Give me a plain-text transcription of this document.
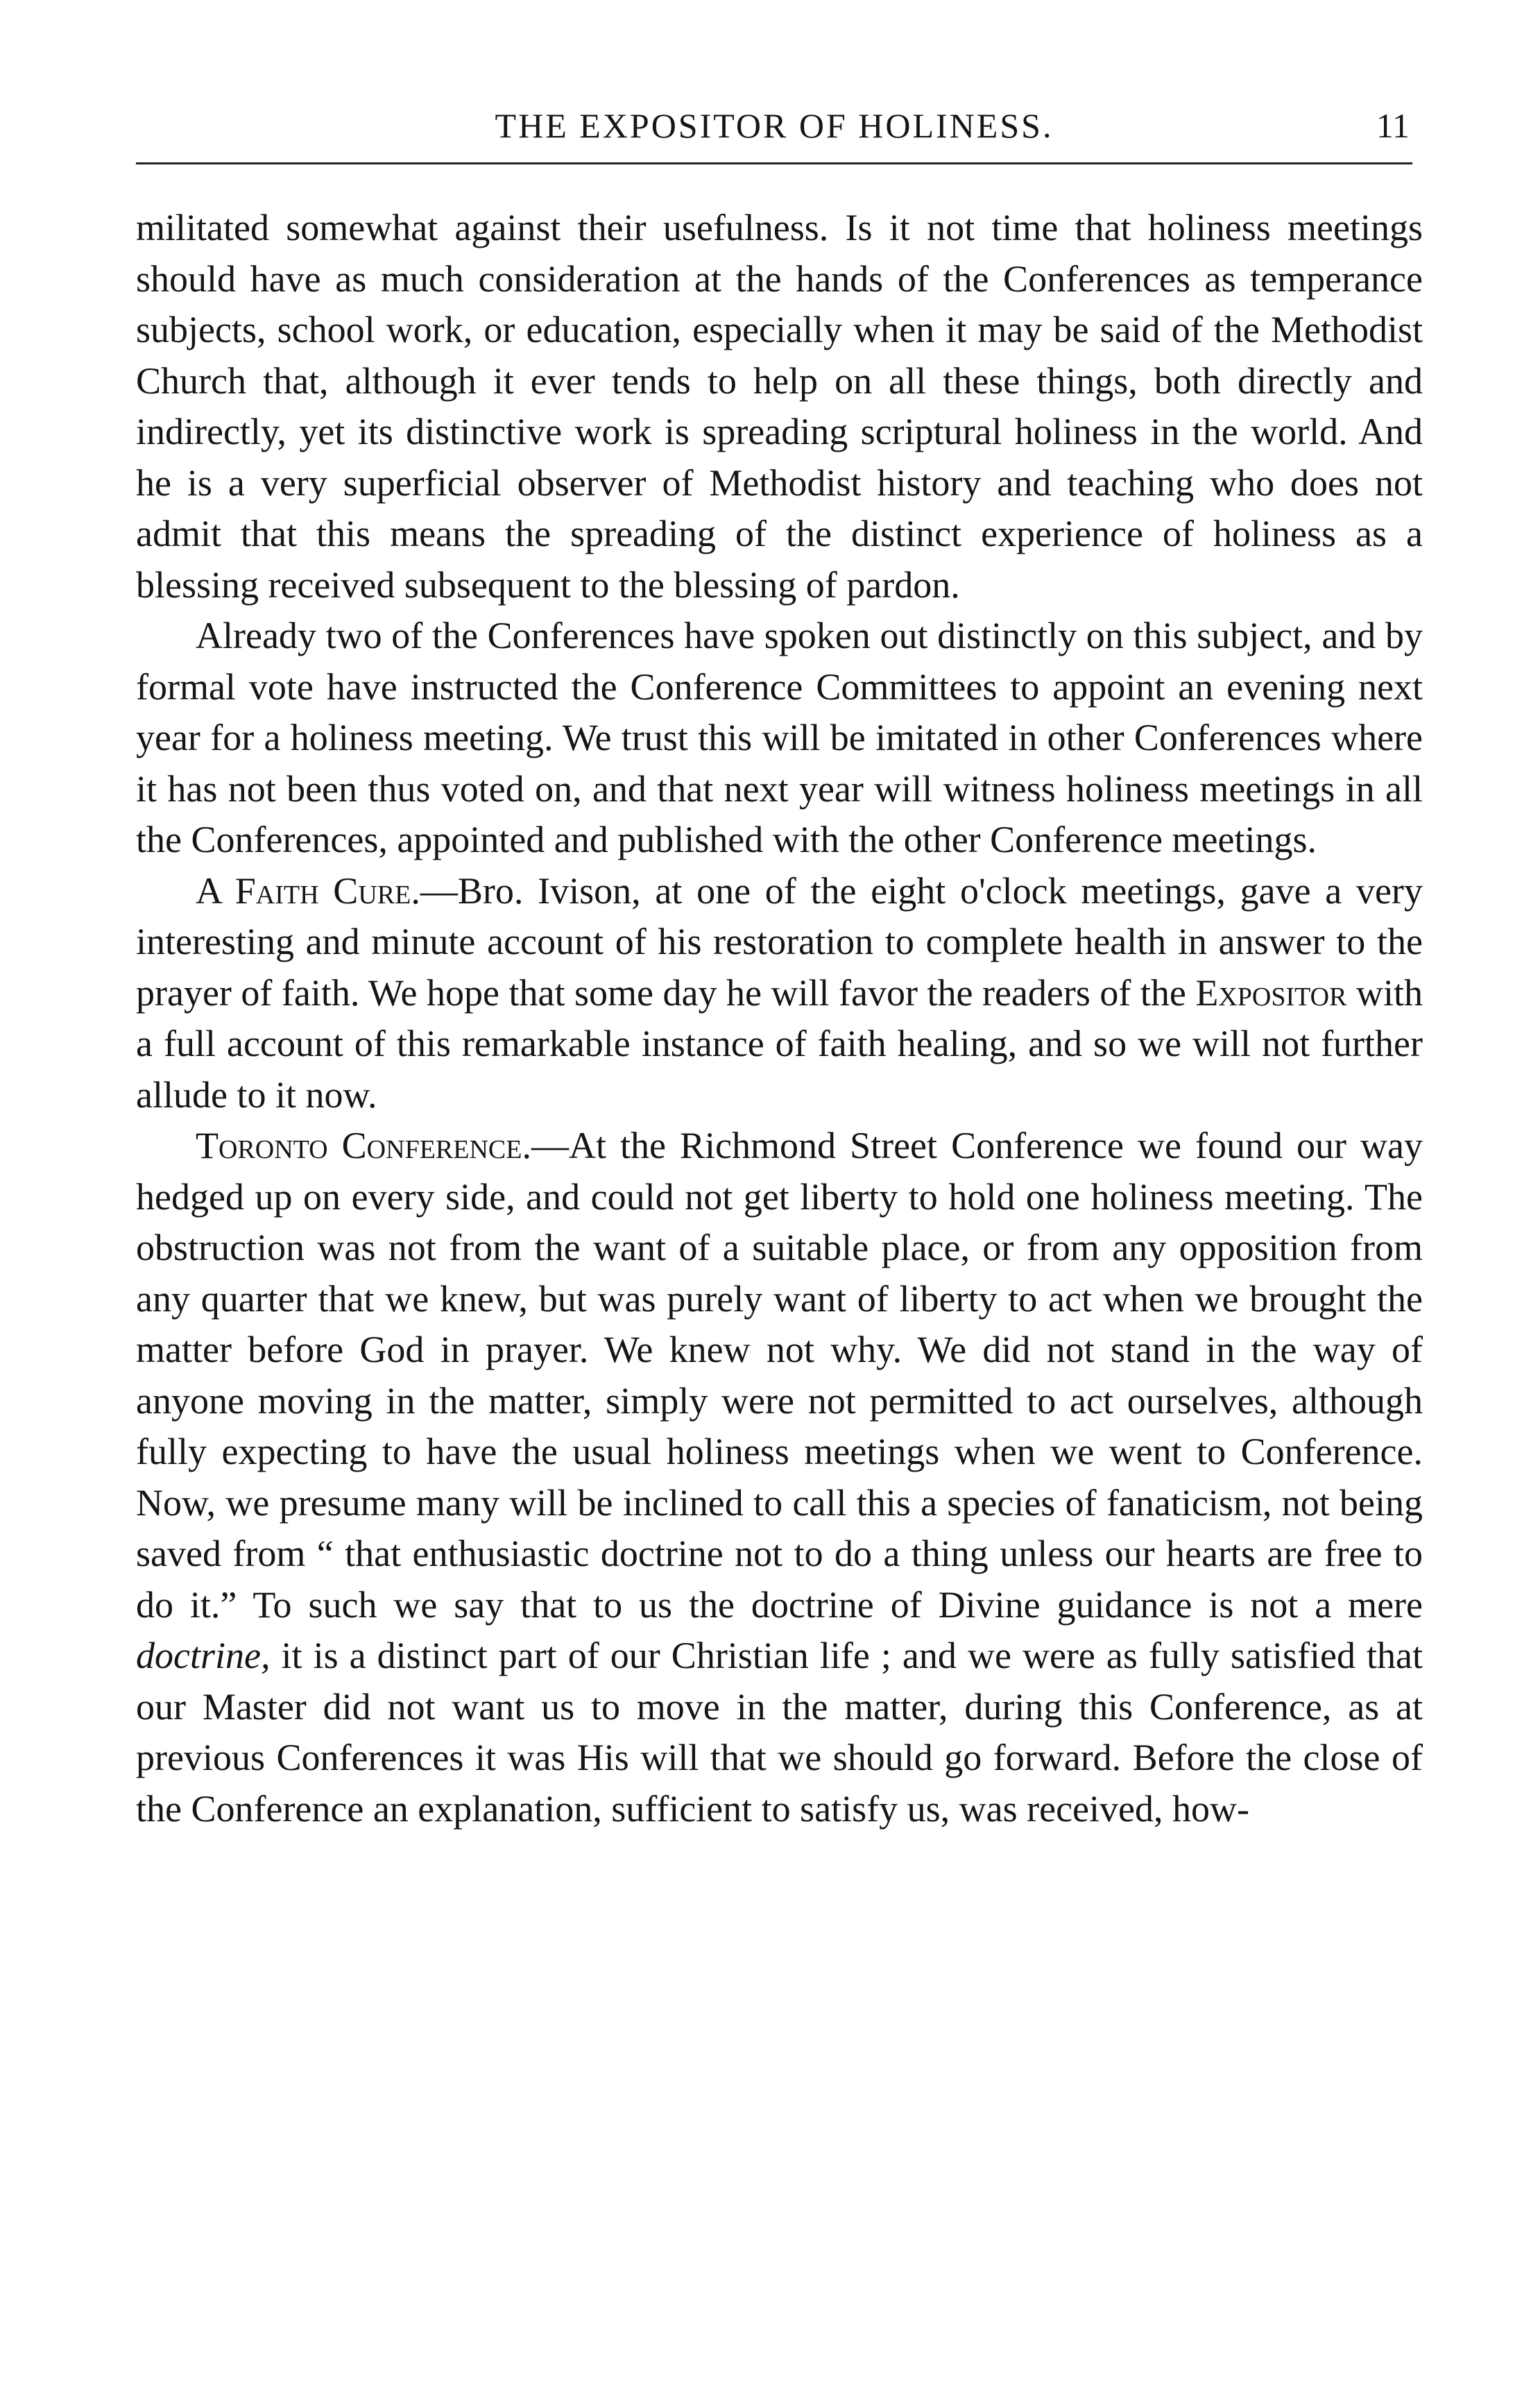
THE EXPOSITOR OF HOLINESS.	11

militated somewhat against their usefulness. Is it not time that holiness meetings should have as much consideration at the hands of the Conferences as temperance subjects, school work, or education, especially when it may be said of the Methodist Church that, although it ever tends to help on all these things, both directly and indirectly, yet its distinctive work is spreading scriptural holiness in the world. And he is a very superficial observer of Methodist history and teaching who does not admit that this means the spreading of the distinct experience of holiness as a blessing received subsequent to the blessing of pardon.

Already two of the Conferences have spoken out distinctly on this subject, and by formal vote have instructed the Conference Committees to appoint an evening next year for a holiness meeting. We trust this will be imitated in other Conferences where it has not been thus voted on, and that next year will witness holiness meetings in all the Conferences, appointed and published with the other Conference meetings.

A Faith Cure.—Bro. Ivison, at one of the eight o'clock meetings, gave a very interesting and minute account of his restoration to complete health in answer to the prayer of faith. We hope that some day he will favor the readers of the Expositor with a full account of this remarkable instance of faith healing, and so we will not further allude to it now.

Toronto Conference.—At the Richmond Street Conference we found our way hedged up on every side, and could not get liberty to hold one holiness meeting. The obstruction was not from the want of a suitable place, or from any opposition from any quarter that we knew, but was purely want of liberty to act when we brought the matter before God in prayer. We knew not why. We did not stand in the way of anyone moving in the matter, simply were not permitted to act ourselves, although fully expecting to have the usual holiness meetings when we went to Conference. Now, we presume many will be inclined to call this a species of fanaticism, not being saved from “ that enthusiastic doctrine not to do a thing unless our hearts are free to do it.” To such we say that to us the doctrine of Divine guidance is not a mere doctrine, it is a distinct part of our Christian life ; and we were as fully satisfied that our Master did not want us to move in the matter, during this Conference, as at previous Conferences it was His will that we should go forward. Before the close of the Conference an explanation, sufficient to satisfy us, was received, how-
